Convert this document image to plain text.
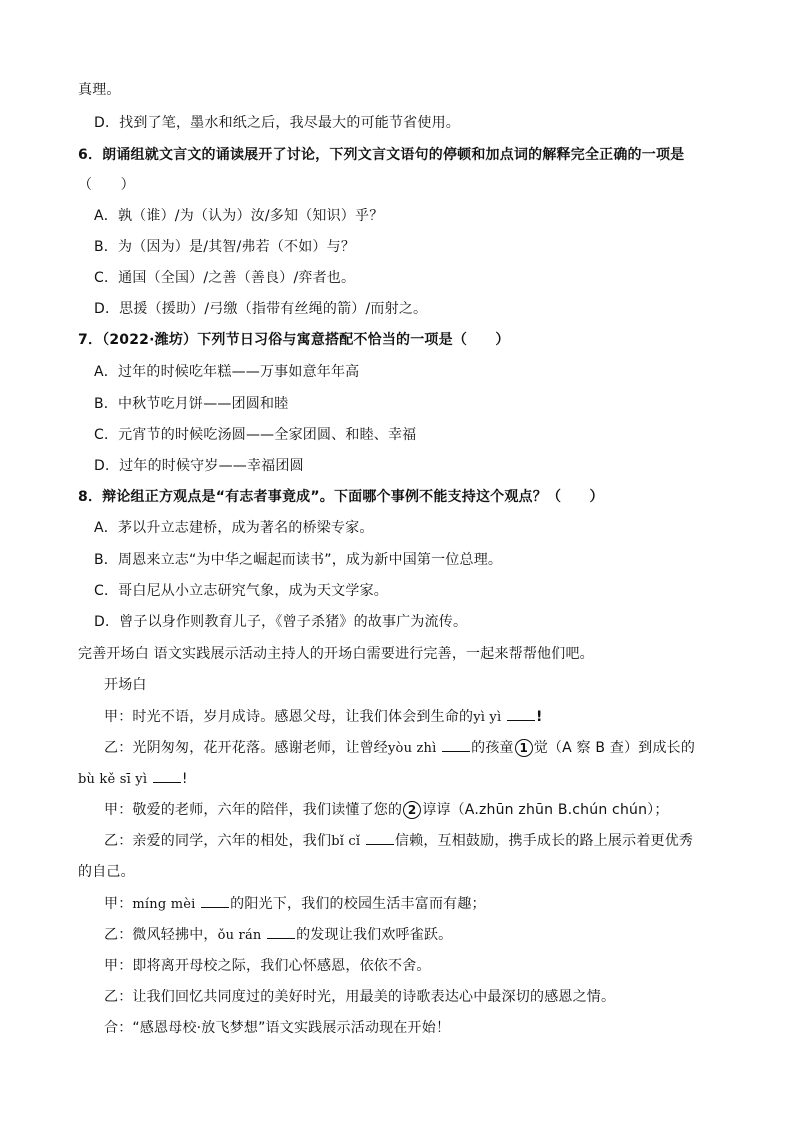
真理。
D．找到了笔，墨水和纸之后，我尽最大的可能节省使用。
6．朗诵组就文言文的诵读展开了讨论，下列文言文语句的停顿和加点词的解释完全正确的一项是
（　　）
A．孰（谁）/为（认为）汝/多知（知识）乎？
B．为（因为）是/其智/弗若（不如）与？
C．通国（全国）/之善（善良）/弈者也。
D．思援（援助）/弓缴（指带有丝绳的箭）/而射之。
7．（2022·潍坊）下列节日习俗与寓意搭配不恰当的一项是（　　）
A．过年的时候吃年糕——万事如意年年高
B．中秋节吃月饼——团圆和睦
C．元宵节的时候吃汤圆——全家团圆、和睦、幸福
D．过年的时候守岁——幸福团圆
8．辩论组正方观点是“有志者事竟成”。下面哪个事例不能支持这个观点？（　　）
A．茅以升立志建桥，成为著名的桥梁专家。
B．周恩来立志“为中华之崛起而读书”，成为新中国第一位总理。
C．哥白尼从小立志研究气象，成为天文学家。
D．曾子以身作则教育儿子，《曾子杀猪》的故事广为流传。
完善开场白 语文实践展示活动主持人的开场白需要进行完善，一起来帮帮他们吧。
开场白
甲：时光不语，岁月成诗。感恩父母，让我们体会到生命的yì yì !
乙：光阴匆匆，花开花落。感谢老师，让曾经yòu zhì 的孩童 1 觉（A 察 B 查）到成长的
bù kě sī yì !
甲：敬爱的老师，六年的陪伴，我们读懂了您的 2 谆谆（A.zhūn zhūn B.chún chún）；
乙：亲爱的同学，六年的相处，我们bǐ cǐ 信赖，互相鼓励，携手成长的路上展示着更优秀
的自己。
甲：míng mèi 的阳光下，我们的校园生活丰富而有趣；
乙：微风轻拂中，ǒu rán 的发现让我们欢呼雀跃。
甲：即将离开母校之际，我们心怀感恩，依依不舍。
乙：让我们回忆共同度过的美好时光，用最美的诗歌表达心中最深切的感恩之情。
合：“感恩母校·放飞梦想”语文实践展示活动现在开始！
